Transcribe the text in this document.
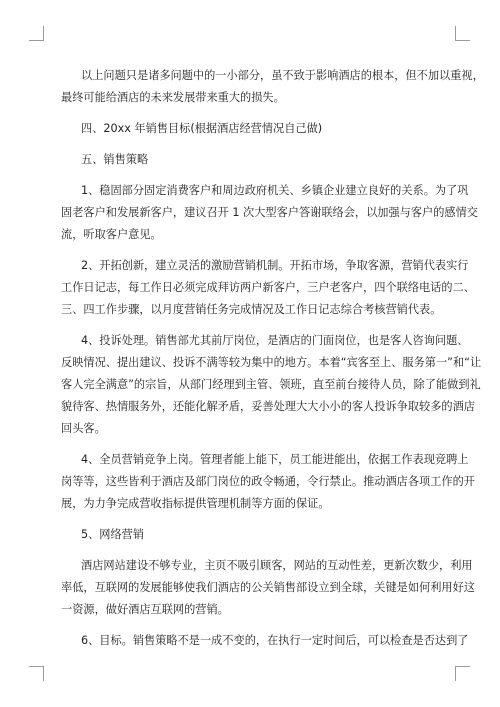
以上问题只是诸多问题中的一小部分，虽不致于影响酒店的根本，但不加以重视，
最终可能给酒店的未来发展带来重大的损失。
四、20xx 年销售目标(根据酒店经营情况自己做)
五、销售策略
1、稳固部分固定消费客户和周边政府机关、乡镇企业建立良好的关系。为了巩
固老客户和发展新客户，建议召开 1 次大型客户答谢联络会，以加强与客户的感情交
流，听取客户意见。
2、开拓创新，建立灵活的激励营销机制。开拓市场，争取客源，营销代表实行
工作日记志，每工作日必须完成拜访两户新客户，三户老客户，四个联络电话的二、
三、四工作步骤，以月度营销任务完成情况及工作日记志综合考核营销代表。
4、投诉处理。销售部尤其前厅岗位，是酒店的门面岗位，也是客人咨询问题、
反映情况、提出建议、投诉不满等较为集中的地方。本着“宾客至上、服务第一”和“让
客人完全满意”的宗旨，从部门经理到主管、领班，直至前台接待人员，除了能做到礼
貌待客、热情服务外，还能化解矛盾，妥善处理大大小小的客人投诉争取较多的酒店
回头客。
4、全员营销竞争上岗。管理者能上能下，员工能进能出，依据工作表现竞聘上
岗等等，这些皆利于酒店及部门岗位的政令畅通，令行禁止。推动酒店各项工作的开
展，为力争完成营收指标提供管理机制等方面的保证。
5、网络营销
酒店网站建设不够专业，主页不吸引顾客，网站的互动性差，更新次数少，利用
率低，互联网的发展能够使我们酒店的公关销售部设立到全球，关键是如何利用好这
一资源，做好酒店互联网的营销。
6、目标。销售策略不是一成不变的，在执行一定时间后，可以检查是否达到了
